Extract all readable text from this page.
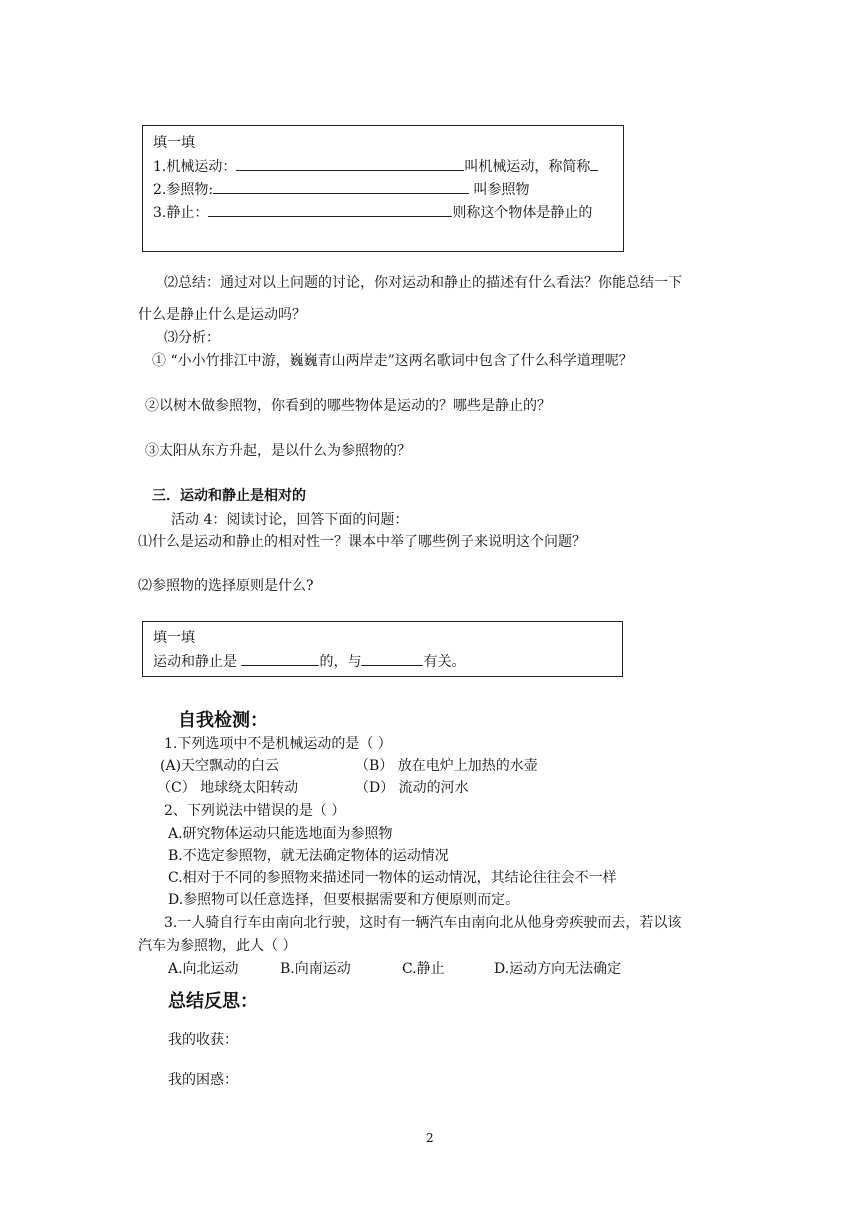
填一填
1.机械运动：	叫机械运动，称简称
2.参照物:	叫参照物
3.静止：	则称这个物体是静止的
⑵总结：通过对以上问题的讨论，你对运动和静止的描述有什么看法？你能总结一下
什么是静止什么是运动吗？
⑶分析：
① “小小竹排江中游，巍巍青山两岸走”这两名歌词中包含了什么科学道理呢？
②以树木做参照物，你看到的哪些物体是运动的？哪些是静止的？
③太阳从东方升起，是以什么为参照物的？
三．运动和静止是相对的
活动 4：阅读讨论，回答下面的问题：
⑴什么是运动和静止的相对性一？课本中举了哪些例子来说明这个问题？
⑵参照物的选择原则是什么?
填一填
运动和静止是	的，与	有关。
自我检测：
1.下列选项中不是机械运动的是（ ）
(A)天空飘动的白云	（B） 放在电炉上加热的水壶
（C） 地球绕太阳转动	（D） 流动的河水
2、下列说法中错误的是（ ）
A.研究物体运动只能选地面为参照物
B.不选定参照物，就无法确定物体的运动情况
C.相对于不同的参照物来描述同一物体的运动情况，其结论往往会不一样
D.参照物可以任意选择，但要根据需要和方便原则而定。
3.一人骑自行车由南向北行驶，这时有一辆汽车由南向北从他身旁疾驶而去，若以该
汽车为参照物，此人（ ）
A.向北运动	B.向南运动	C.静止	D.运动方向无法确定
总结反思：
我的收获：
我的困惑：
2
